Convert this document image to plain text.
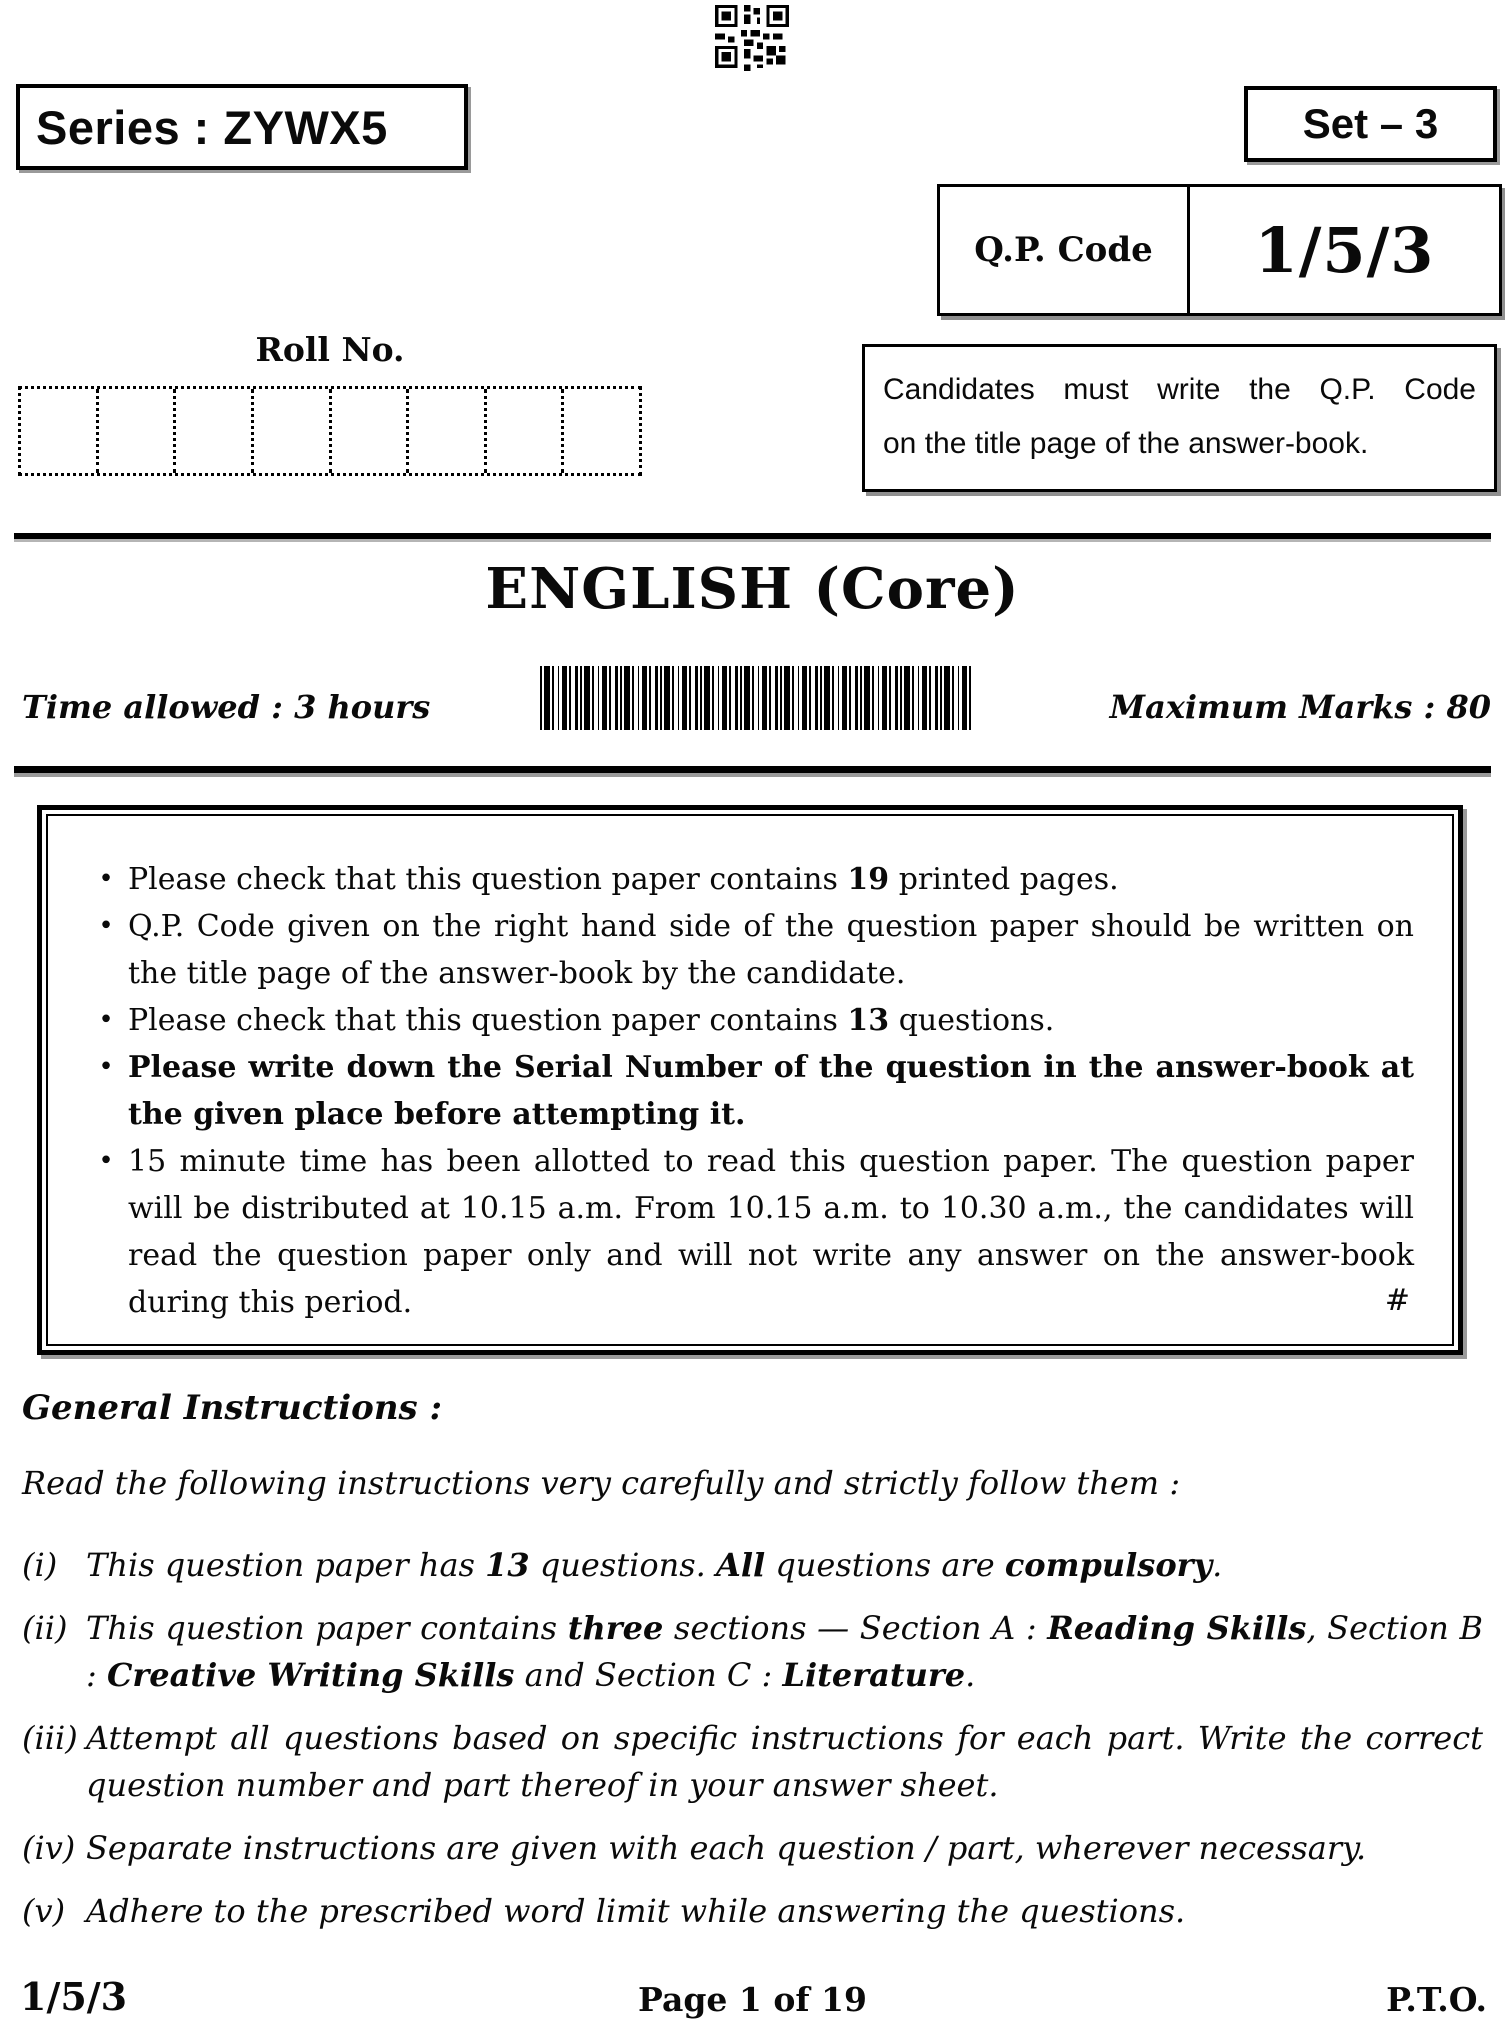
Series : ZYWX5	Set – 3
Q.P. Code	1/5/3
Roll No.
Candidates must write the Q.P. Code
on the title page of the answer-book.
ENGLISH (Core)
Time allowed : 3 hours	Maximum Marks : 80
• Please check that this question paper contains 19 printed pages.
• Q.P. Code given on the right hand side of the question paper should be written on the title page of the answer-book by the candidate.
• Please check that this question paper contains 13 questions.
• Please write down the Serial Number of the question in the answer-book at the given place before attempting it.
• 15 minute time has been allotted to read this question paper. The question paper will be distributed at 10.15 a.m. From 10.15 a.m. to 10.30 a.m., the candidates will read the question paper only and will not write any answer on the answer-book during this period.	#
General Instructions :
Read the following instructions very carefully and strictly follow them :
(i) This question paper has 13 questions. All questions are compulsory.
(ii) This question paper contains three sections — Section A : Reading Skills, Section B : Creative Writing Skills and Section C : Literature.
(iii) Attempt all questions based on specific instructions for each part. Write the correct question number and part thereof in your answer sheet.
(iv) Separate instructions are given with each question / part, wherever necessary.
(v) Adhere to the prescribed word limit while answering the questions.
1/5/3	Page 1 of 19	P.T.O.
